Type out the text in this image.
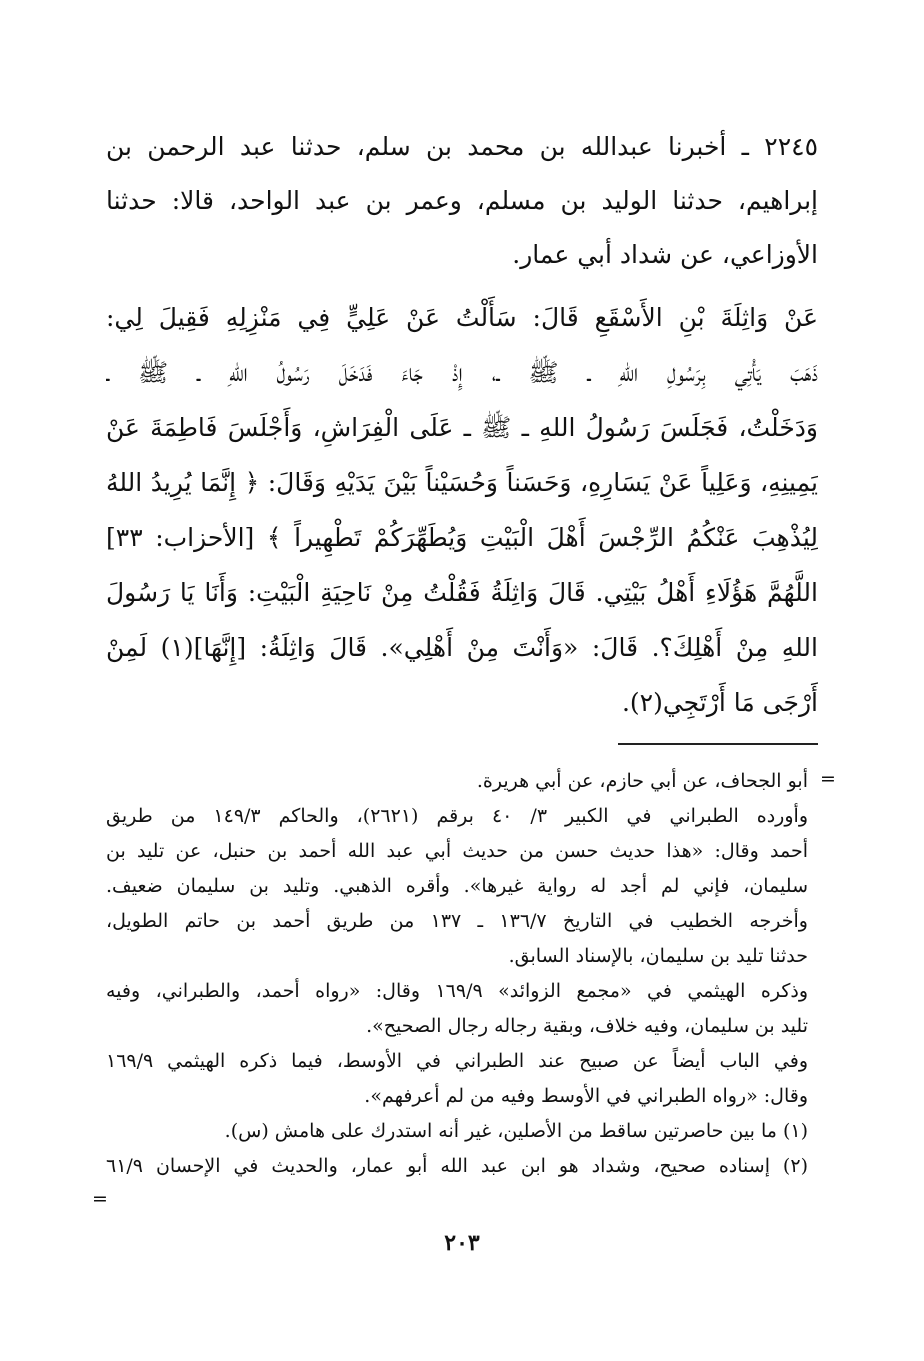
٢٢٤٥ ـ أخبرنا عبدالله بن محمد بن سلم، حدثنا عبد الرحمن بن
إبراهيم، حدثنا الوليد بن مسلم، وعمر بن عبد الواحد، قالا: حدثنا
الأوزاعي، عن شداد أبي عمار.
عَنْ وَاثِلَةَ بْنِ الأَسْقَعِ قَالَ: سَأَلْتُ عَنْ عَلِيٍّ فِي مَنْزِلِهِ فَقِيلَ لِي:
ذَهَبَ يَأْتِي بِرَسُولِ اللهِ ـ ﷺ ـ، إِذْ جَاءَ فَدَخَلَ رَسُولُ اللهِ ـ ﷺ ـ
وَدَخَلْتُ، فَجَلَسَ رَسُولُ اللهِ ـ ﷺ ـ عَلَى الْفِرَاشِ، وَأَجْلَسَ فَاطِمَةَ عَنْ
يَمِينِهِ، وَعَلِياً عَنْ يَسَارِهِ، وَحَسَناً وَحُسَيْناً بَيْنَ يَدَيْهِ وَقَالَ: ﴿ إِنَّمَا يُرِيدُ اللهُ
لِيُذْهِبَ عَنْكُمُ الرِّجْسَ أَهْلَ الْبَيْتِ وَيُطَهِّرَكُمْ تَطْهِيراً ﴾ [الأحزاب: ٣٣]
اللَّهُمَّ هَؤُلَاءِ أَهْلُ بَيْتِي. قَالَ وَاثِلَةُ فَقُلْتُ مِنْ نَاحِيَةِ الْبَيْتِ: وَأَنَا يَا رَسُولَ
اللهِ مِنْ أَهْلِكَ؟. قَالَ: «وَأَنْتَ مِنْ أَهْلِي». قَالَ وَاثِلَةُ: [إِنَّهَا](١) لَمِنْ
أَرْجَى مَا أَرْتَجِي(٢).
=
أبو الجحاف، عن أبي حازم، عن أبي هريرة.
وأورده الطبراني في الكبير ٣/ ٤٠ برقم (٢٦٢١)، والحاكم ١٤٩/٣ من طريق
أحمد وقال: «هذا حديث حسن من حديث أبي عبد الله أحمد بن حنبل، عن تليد بن
سليمان، فإني لم أجد له رواية غيرها». وأقره الذهبي. وتليد بن سليمان ضعيف.
وأخرجه الخطيب في التاريخ ١٣٦/٧ ـ ١٣٧ من طريق أحمد بن حاتم الطويل،
حدثنا تليد بن سليمان، بالإسناد السابق.
وذكره الهيثمي في «مجمع الزوائد» ١٦٩/٩ وقال: «رواه أحمد، والطبراني، وفيه
تليد بن سليمان، وفيه خلاف، وبقية رجاله رجال الصحيح».
وفي الباب أيضاً عن صبيح عند الطبراني في الأوسط، فيما ذكره الهيثمي ١٦٩/٩
وقال: «رواه الطبراني في الأوسط وفيه من لم أعرفهم».
(١) ما بين حاصرتين ساقط من الأصلين، غير أنه استدرك على هامش (س).
(٢) إسناده صحيح، وشداد هو ابن عبد الله أبو عمار، والحديث في الإحسان ٦١/٩
=
٢٠٣
